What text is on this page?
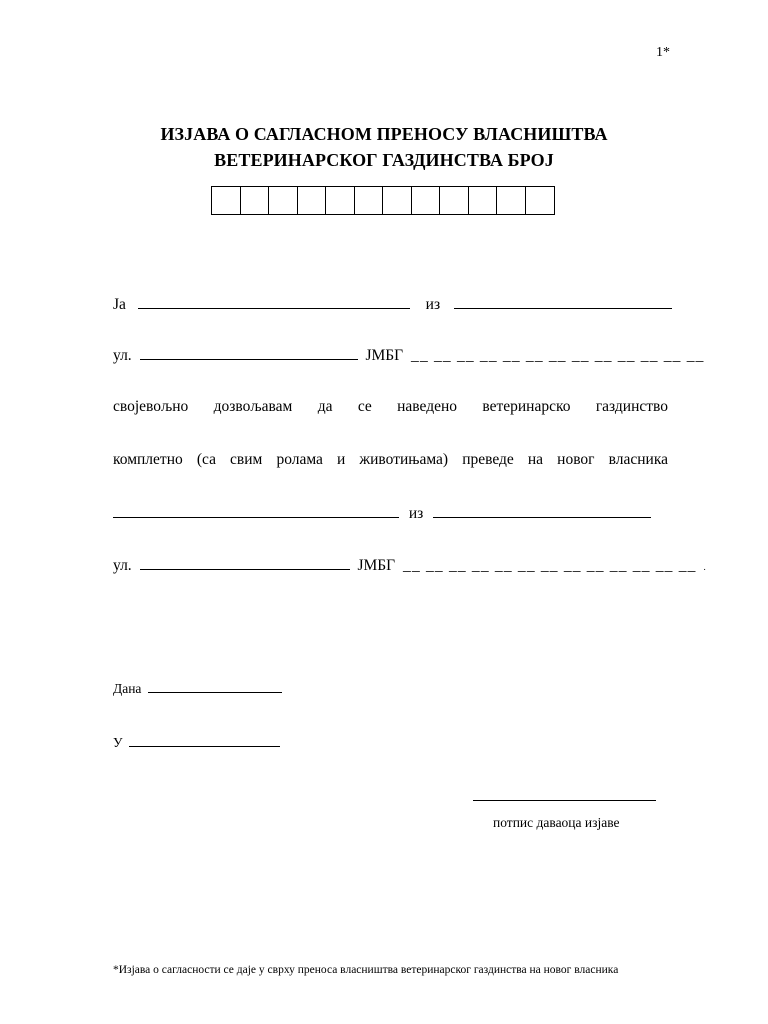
1*
ИЗЈАВА О САГЛАСНОМ ПРЕНОСУ ВЛАСНИШТВА
ВЕТЕРИНАРСКОГ ГАЗДИНСТВА БРОЈ
Ја	из
ул.	ЈМБГ __ __ __ __ __ __ __ __ __ __ __ __ __
својевољно дозвољавам да се наведено ветеринарско газдинство
комплетно (са свим ролама и животињама) преведе на новог власника
из
ул.	ЈМБГ __ __ __ __ __ __ __ __ __ __ __ __ __ .
Дана
У
потпис даваоца изјаве
*Изјава о сагласности се даје у сврху преноса власништва ветеринарског газдинства на новог власника
